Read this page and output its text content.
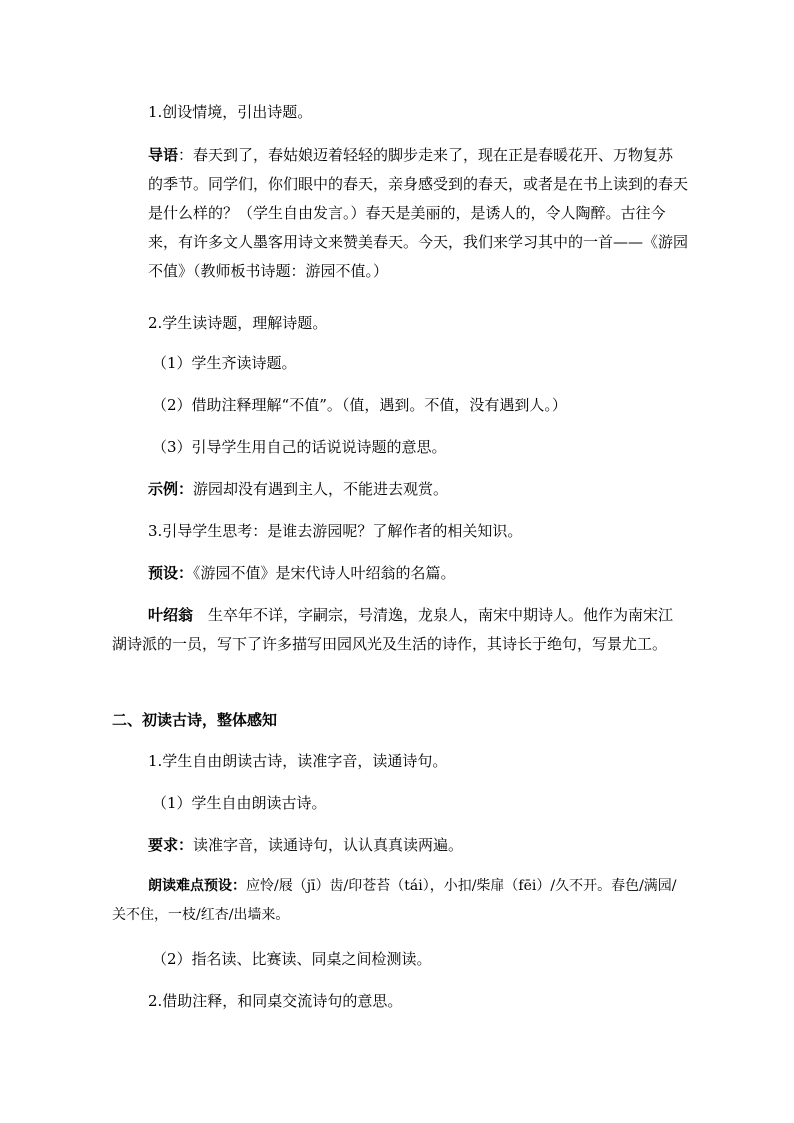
1.创设情境，引出诗题。
导语：春天到了，春姑娘迈着轻轻的脚步走来了，现在正是春暖花开、万物复苏的季节。同学们，你们眼中的春天，亲身感受到的春天，或者是在书上读到的春天是什么样的？（学生自由发言。）春天是美丽的，是诱人的，令人陶醉。古往今来，有许多文人墨客用诗文来赞美春天。今天，我们来学习其中的一首——《游园不值》（教师板书诗题：游园不值。）
2.学生读诗题，理解诗题。
（1）学生齐读诗题。
（2）借助注释理解“不值”。（值，遇到。不值，没有遇到人。）
（3）引导学生用自己的话说说诗题的意思。
示例：游园却没有遇到主人，不能进去观赏。
3.引导学生思考：是谁去游园呢？了解作者的相关知识。
预设：《游园不值》是宋代诗人叶绍翁的名篇。
叶绍翁　生卒年不详，字嗣宗，号清逸，龙泉人，南宋中期诗人。他作为南宋江湖诗派的一员，写下了许多描写田园风光及生活的诗作，其诗长于绝句，写景尤工。
二、初读古诗，整体感知
1.学生自由朗读古诗，读准字音，读通诗句。
（1）学生自由朗读古诗。
要求：读准字音，读通诗句，认认真真读两遍。
朗读难点预设：应怜/屐（jī）齿/印苍苔（tái），小扣/柴扉（fēi）/久不开。春色/满园/关不住，一枝/红杏/出墙来。
（2）指名读、比赛读、同桌之间检测读。
2.借助注释，和同桌交流诗句的意思。
